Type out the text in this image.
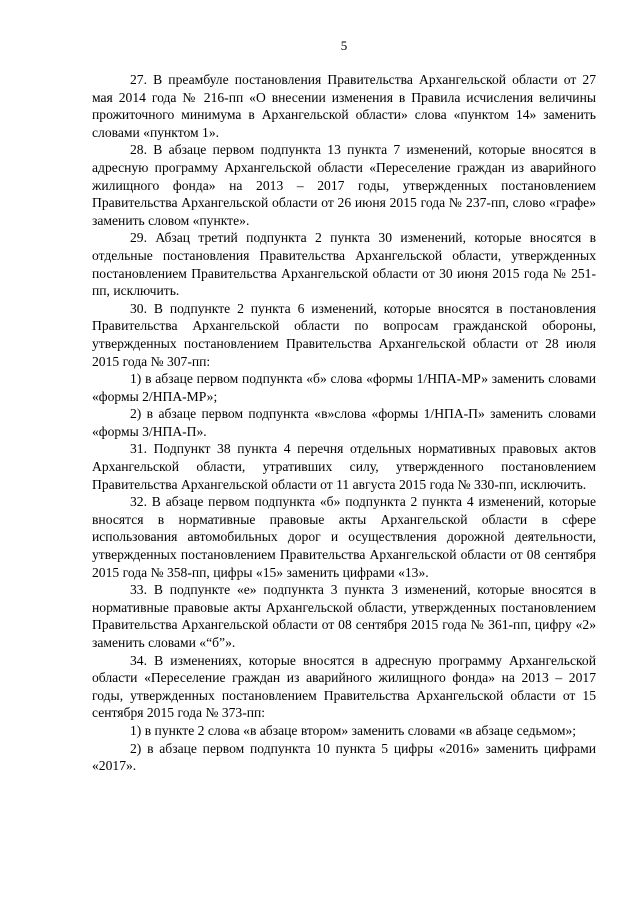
5

27. В преамбуле постановления Правительства Архангельской области от 27 мая 2014 года № 216-пп «О внесении изменения в Правила исчисления величины прожиточного минимума в Архангельской области» слова «пунктом 14» заменить словами «пунктом 1».

28. В абзаце первом подпункта 13 пункта 7 изменений, которые вносятся в адресную программу Архангельской области «Переселение граждан из аварийного жилищного фонда» на 2013 – 2017 годы, утвержденных постановлением Правительства Архангельской области от 26 июня 2015 года № 237-пп, слово «графе» заменить словом «пункте».

29. Абзац третий подпункта 2 пункта 30 изменений, которые вносятся в отдельные постановления Правительства Архангельской области, утвержденных постановлением Правительства Архангельской области от 30 июня 2015 года № 251-пп, исключить.

30. В подпункте 2 пункта 6 изменений, которые вносятся в постановления Правительства Архангельской области по вопросам гражданской обороны, утвержденных постановлением Правительства Архангельской области от 28 июля 2015 года № 307-пп:

1) в абзаце первом подпункта «б» слова «формы 1/НПА-МР» заменить словами «формы 2/НПА-МР»;

2) в абзаце первом подпункта «в»слова «формы 1/НПА-П» заменить словами «формы 3/НПА-П».

31. Подпункт 38 пункта 4 перечня отдельных нормативных правовых актов Архангельской области, утративших силу, утвержденного постановлением Правительства Архангельской области от 11 августа 2015 года № 330-пп, исключить.

32. В абзаце первом подпункта «б» подпункта 2 пункта 4 изменений, которые вносятся в нормативные правовые акты Архангельской области в сфере использования автомобильных дорог и осуществления дорожной деятельности, утвержденных постановлением Правительства Архангельской области от 08 сентября 2015 года № 358-пп, цифры «15» заменить цифрами «13».

33. В подпункте «е» подпункта 3 пункта 3 изменений, которые вносятся в нормативные правовые акты Архангельской области, утвержденных постановлением Правительства Архангельской области от 08 сентября 2015 года № 361-пп, цифру «2» заменить словами «“б”».

34. В изменениях, которые вносятся в адресную программу Архангельской области «Переселение граждан из аварийного жилищного фонда» на 2013 – 2017 годы, утвержденных постановлением Правительства Архангельской области от 15 сентября 2015 года № 373-пп:

1) в пункте 2 слова «в абзаце втором» заменить словами «в абзаце седьмом»;

2) в абзаце первом подпункта 10 пункта 5 цифры «2016» заменить цифрами «2017».
